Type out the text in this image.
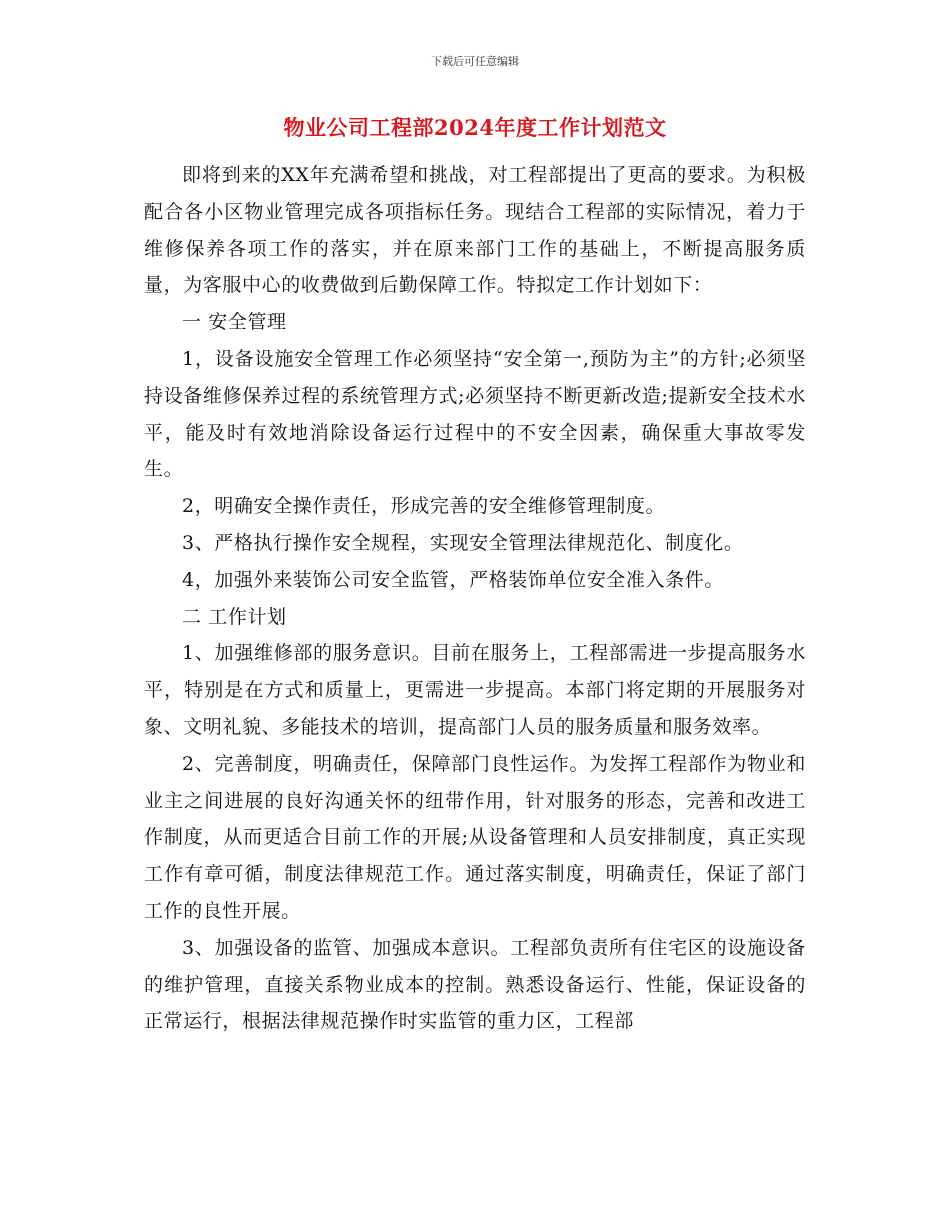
下载后可任意编辑
物业公司工程部2024年度工作计划范文

即将到来的XX年充满希望和挑战，对工程部提出了更高的要求。为积极配合各小区物业管理完成各项指标任务。现结合工程部的实际情况，着力于维修保养各项工作的落实，并在原来部门工作的基础上，不断提高服务质量，为客服中心的收费做到后勤保障工作。特拟定工作计划如下：

一 安全管理

1，设备设施安全管理工作必须坚持“安全第一,预防为主”的方针;必须坚持设备维修保养过程的系统管理方式;必须坚持不断更新改造;提新安全技术水平，能及时有效地消除设备运行过程中的不安全因素，确保重大事故零发生。

2，明确安全操作责任，形成完善的安全维修管理制度。

3、严格执行操作安全规程，实现安全管理法律规范化、制度化。

4，加强外来装饰公司安全监管，严格装饰单位安全准入条件。

二 工作计划

1、加强维修部的服务意识。目前在服务上，工程部需进一步提高服务水平，特别是在方式和质量上，更需进一步提高。本部门将定期的开展服务对象、文明礼貌、多能技术的培训，提高部门人员的服务质量和服务效率。

2、完善制度，明确责任，保障部门良性运作。为发挥工程部作为物业和业主之间进展的良好沟通关怀的纽带作用，针对服务的形态，完善和改进工作制度，从而更适合目前工作的开展;从设备管理和人员安排制度，真正实现工作有章可循，制度法律规范工作。通过落实制度，明确责任，保证了部门工作的良性开展。

3、加强设备的监管、加强成本意识。工程部负责所有住宅区的设施设备的维护管理，直接关系物业成本的控制。熟悉设备运行、性能，保证设备的正常运行，根据法律规范操作时实监管的重力区，工程部
